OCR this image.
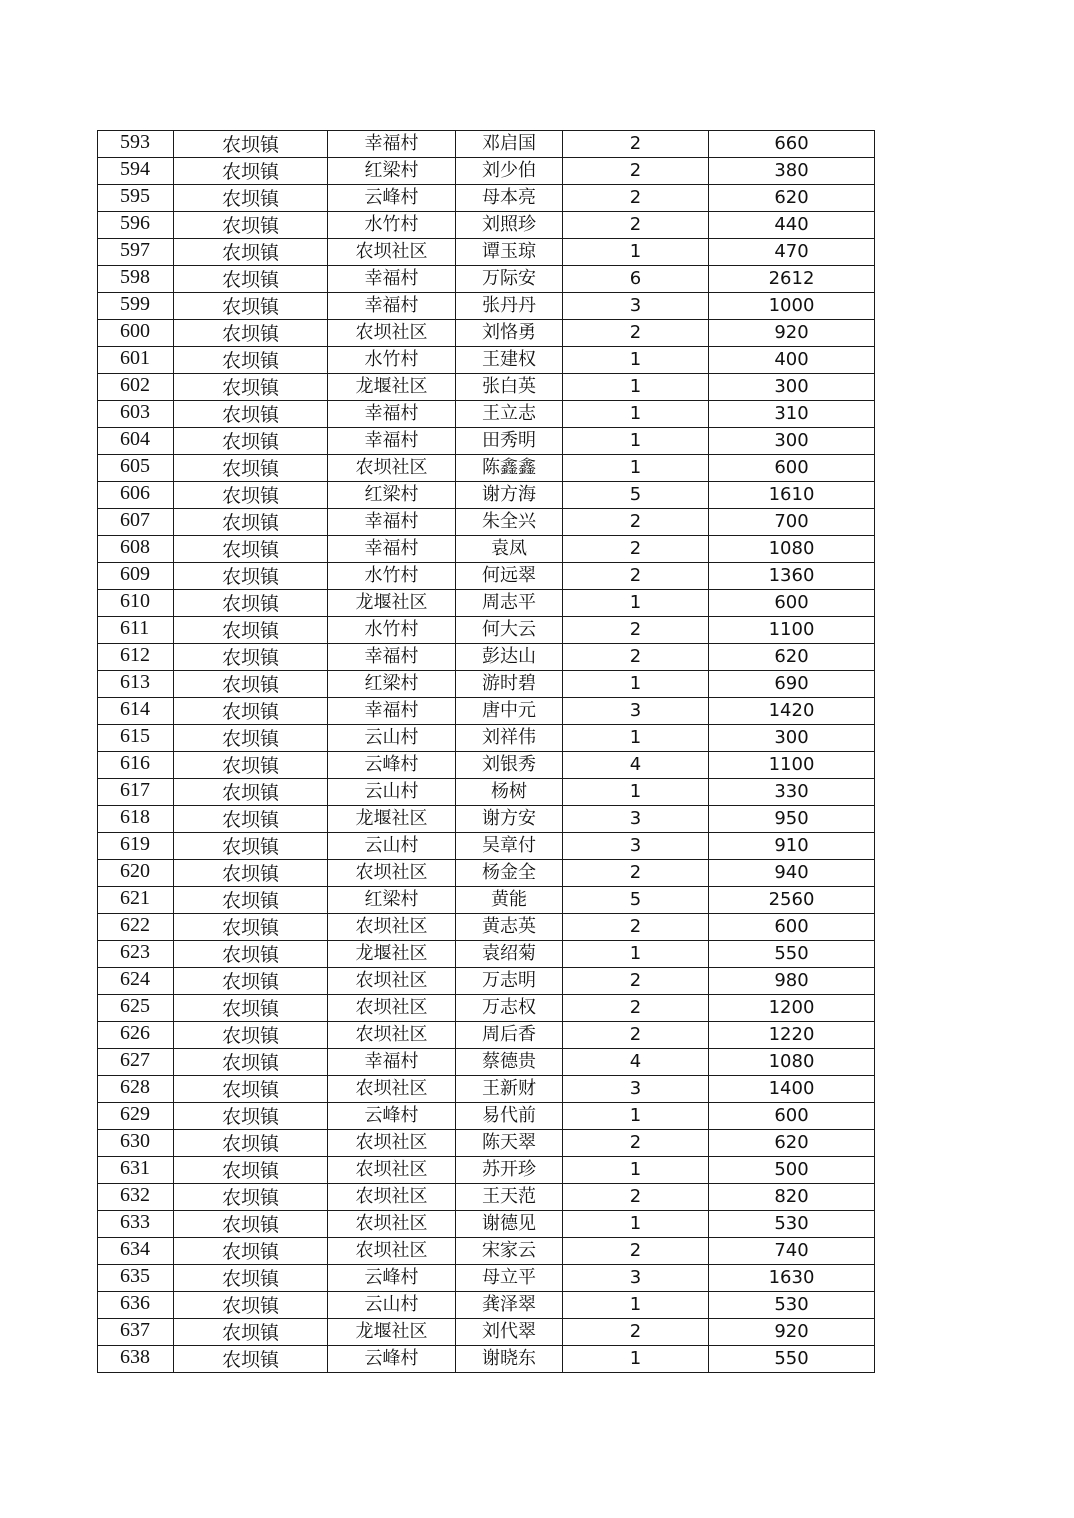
593	农坝镇	幸福村	邓启国	2	660
594	农坝镇	红梁村	刘少伯	2	380
595	农坝镇	云峰村	母本亮	2	620
596	农坝镇	水竹村	刘照珍	2	440
597	农坝镇	农坝社区	谭玉琼	1	470
598	农坝镇	幸福村	万际安	6	2612
599	农坝镇	幸福村	张丹丹	3	1000
600	农坝镇	农坝社区	刘恪勇	2	920
601	农坝镇	水竹村	王建权	1	400
602	农坝镇	龙堰社区	张白英	1	300
603	农坝镇	幸福村	王立志	1	310
604	农坝镇	幸福村	田秀明	1	300
605	农坝镇	农坝社区	陈鑫鑫	1	600
606	农坝镇	红梁村	谢方海	5	1610
607	农坝镇	幸福村	朱全兴	2	700
608	农坝镇	幸福村	袁凤	2	1080
609	农坝镇	水竹村	何远翠	2	1360
610	农坝镇	龙堰社区	周志平	1	600
611	农坝镇	水竹村	何大云	2	1100
612	农坝镇	幸福村	彭达山	2	620
613	农坝镇	红梁村	游时碧	1	690
614	农坝镇	幸福村	唐中元	3	1420
615	农坝镇	云山村	刘祥伟	1	300
616	农坝镇	云峰村	刘银秀	4	1100
617	农坝镇	云山村	杨树	1	330
618	农坝镇	龙堰社区	谢方安	3	950
619	农坝镇	云山村	吴章付	3	910
620	农坝镇	农坝社区	杨金全	2	940
621	农坝镇	红梁村	黄能	5	2560
622	农坝镇	农坝社区	黄志英	2	600
623	农坝镇	龙堰社区	袁绍菊	1	550
624	农坝镇	农坝社区	万志明	2	980
625	农坝镇	农坝社区	万志权	2	1200
626	农坝镇	农坝社区	周后香	2	1220
627	农坝镇	幸福村	蔡德贵	4	1080
628	农坝镇	农坝社区	王新财	3	1400
629	农坝镇	云峰村	易代前	1	600
630	农坝镇	农坝社区	陈天翠	2	620
631	农坝镇	农坝社区	苏开珍	1	500
632	农坝镇	农坝社区	王天范	2	820
633	农坝镇	农坝社区	谢德见	1	530
634	农坝镇	农坝社区	宋家云	2	740
635	农坝镇	云峰村	母立平	3	1630
636	农坝镇	云山村	龚泽翠	1	530
637	农坝镇	龙堰社区	刘代翠	2	920
638	农坝镇	云峰村	谢晓东	1	550
